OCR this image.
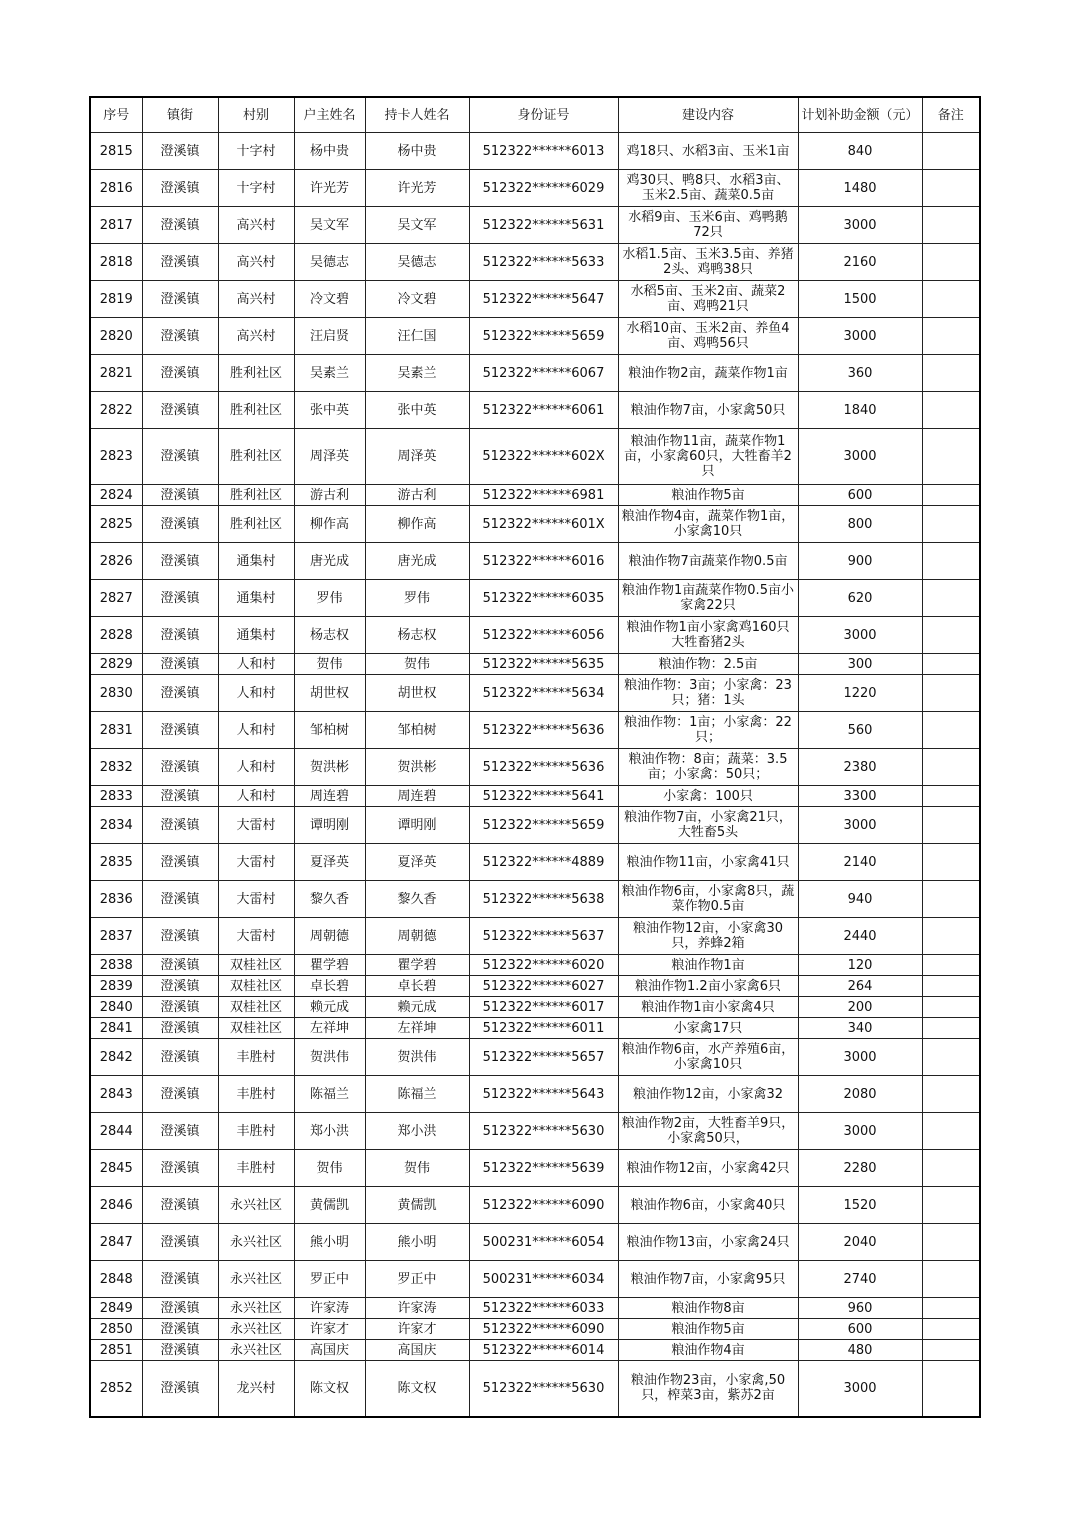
序号	镇街	村别	户主姓名	持卡人姓名	身份证号	建设内容	计划补助金额（元）	备注
2815	澄溪镇	十字村	杨中贵	杨中贵	512322******6013	鸡18只、水稻3亩、玉米1亩	840	
2816	澄溪镇	十字村	许光芳	许光芳	512322******6029	鸡30只、鸭8只、水稻3亩、玉米2.5亩、蔬菜0.5亩	1480	
2817	澄溪镇	高兴村	吴文军	吴文军	512322******5631	水稻9亩、玉米6亩、鸡鸭鹅72只	3000	
2818	澄溪镇	高兴村	吴德志	吴德志	512322******5633	水稻1.5亩、玉米3.5亩、养猪2头、鸡鸭38只	2160	
2819	澄溪镇	高兴村	冷文碧	冷文碧	512322******5647	水稻5亩、玉米2亩、蔬菜2亩、鸡鸭21只	1500	
2820	澄溪镇	高兴村	汪启贤	汪仁国	512322******5659	水稻10亩、玉米2亩、养鱼4亩、鸡鸭56只	3000	
2821	澄溪镇	胜利社区	吴素兰	吴素兰	512322******6067	粮油作物2亩，蔬菜作物1亩	360	
2822	澄溪镇	胜利社区	张中英	张中英	512322******6061	粮油作物7亩，小家禽50只	1840	
2823	澄溪镇	胜利社区	周泽英	周泽英	512322******602X	粮油作物11亩，蔬菜作物1亩，小家禽60只，大牲畜羊2只	3000	
2824	澄溪镇	胜利社区	游古利	游古利	512322******6981	粮油作物5亩	600	
2825	澄溪镇	胜利社区	柳作高	柳作高	512322******601X	粮油作物4亩，蔬菜作物1亩，小家禽10只	800	
2826	澄溪镇	通集村	唐光成	唐光成	512322******6016	粮油作物7亩蔬菜作物0.5亩	900	
2827	澄溪镇	通集村	罗伟	罗伟	512322******6035	粮油作物1亩蔬菜作物0.5亩小家禽22只	620	
2828	澄溪镇	通集村	杨志权	杨志权	512322******6056	粮油作物1亩小家禽鸡160只大牲畜猪2头	3000	
2829	澄溪镇	人和村	贺伟	贺伟	512322******5635	粮油作物：2.5亩	300	
2830	澄溪镇	人和村	胡世权	胡世权	512322******5634	粮油作物：3亩；小家禽：23只；猪：1头	1220	
2831	澄溪镇	人和村	邹柏树	邹柏树	512322******5636	粮油作物：1亩；小家禽：22只；	560	
2832	澄溪镇	人和村	贺洪彬	贺洪彬	512322******5636	粮油作物：8亩；蔬菜：3.5亩；小家禽：50只；	2380	
2833	澄溪镇	人和村	周连碧	周连碧	512322******5641	小家禽：100只	3300	
2834	澄溪镇	大雷村	谭明刚	谭明刚	512322******5659	粮油作物7亩，小家禽21只，大牲畜5头	3000	
2835	澄溪镇	大雷村	夏泽英	夏泽英	512322******4889	粮油作物11亩，小家禽41只	2140	
2836	澄溪镇	大雷村	黎久香	黎久香	512322******5638	粮油作物6亩，小家禽8只，蔬菜作物0.5亩	940	
2837	澄溪镇	大雷村	周朝德	周朝德	512322******5637	粮油作物12亩，小家禽30只，养蜂2箱	2440	
2838	澄溪镇	双桂社区	瞿学碧	瞿学碧	512322******6020	粮油作物1亩	120	
2839	澄溪镇	双桂社区	卓长碧	卓长碧	512322******6027	粮油作物1.2亩小家禽6只	264	
2840	澄溪镇	双桂社区	赖元成	赖元成	512322******6017	粮油作物1亩小家禽4只	200	
2841	澄溪镇	双桂社区	左祥坤	左祥坤	512322******6011	小家禽17只	340	
2842	澄溪镇	丰胜村	贺洪伟	贺洪伟	512322******5657	粮油作物6亩，水产养殖6亩，小家禽10只	3000	
2843	澄溪镇	丰胜村	陈福兰	陈福兰	512322******5643	粮油作物12亩，小家禽32	2080	
2844	澄溪镇	丰胜村	郑小洪	郑小洪	512322******5630	粮油作物2亩，大牲畜羊9只，小家禽50只，	3000	
2845	澄溪镇	丰胜村	贺伟	贺伟	512322******5639	粮油作物12亩，小家禽42只	2280	
2846	澄溪镇	永兴社区	黄儒凯	黄儒凯	512322******6090	粮油作物6亩，小家禽40只	1520	
2847	澄溪镇	永兴社区	熊小明	熊小明	500231******6054	粮油作物13亩，小家禽24只	2040	
2848	澄溪镇	永兴社区	罗正中	罗正中	500231******6034	粮油作物7亩，小家禽95只	2740	
2849	澄溪镇	永兴社区	许家涛	许家涛	512322******6033	粮油作物8亩	960	
2850	澄溪镇	永兴社区	许家才	许家才	512322******6090	粮油作物5亩	600	
2851	澄溪镇	永兴社区	高国庆	高国庆	512322******6014	粮油作物4亩	480	
2852	澄溪镇	龙兴村	陈文权	陈文权	512322******5630	粮油作物23亩，小家禽,50只，榨菜3亩，紫苏2亩	3000	
